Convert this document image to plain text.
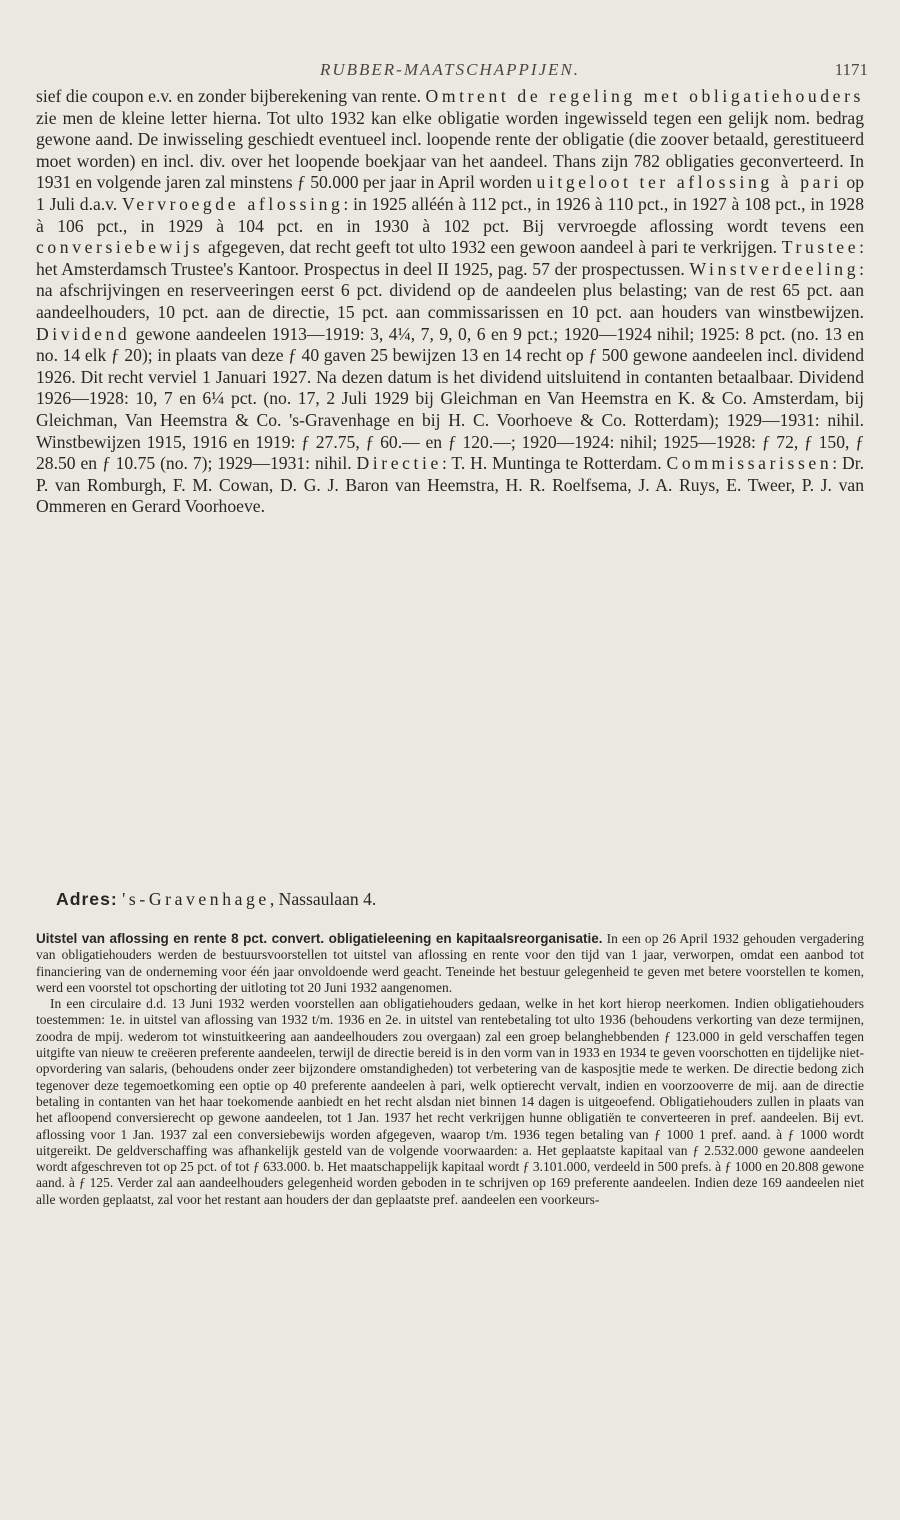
RUBBER-MAATSCHAPPIJEN.	1171

sief die coupon e.v. en zonder bijberekening van rente. Omtrent de regeling met obligatiehouders zie men de kleine letter hierna. Tot ulto 1932 kan elke obligatie worden ingewisseld tegen een gelijk nom. bedrag gewone aand. De inwisseling geschiedt eventueel incl. loopende rente der obligatie (die zoover betaald, gerestitueerd moet worden) en incl. div. over het loopende boekjaar van het aandeel. Thans zijn 782 obligaties geconverteerd. In 1931 en volgende jaren zal minstens ƒ 50.000 per jaar in April worden uitgeloot ter aflossing à pari op 1 Juli d.a.v. Vervroegde aflossing: in 1925 alléén à 112 pct., in 1926 à 110 pct., in 1927 à 108 pct., in 1928 à 106 pct., in 1929 à 104 pct. en in 1930 à 102 pct. Bij vervroegde aflossing wordt tevens een conversiebewijs afgegeven, dat recht geeft tot ulto 1932 een gewoon aandeel à pari te verkrijgen. Trustee: het Amsterdamsch Trustee's Kantoor. Prospectus in deel II 1925, pag. 57 der prospectussen. Winstverdeeling: na afschrijvingen en reserveeringen eerst 6 pct. dividend op de aandeelen plus belasting; van de rest 65 pct. aan aandeelhouders, 10 pct. aan de directie, 15 pct. aan commissarissen en 10 pct. aan houders van winstbewijzen. Dividend gewone aandeelen 1913—1919: 3, 4¼, 7, 9, 0, 6 en 9 pct.; 1920—1924 nihil; 1925: 8 pct. (no. 13 en no. 14 elk ƒ 20); in plaats van deze ƒ 40 gaven 25 bewijzen 13 en 14 recht op ƒ 500 gewone aandeelen incl. dividend 1926. Dit recht verviel 1 Januari 1927. Na dezen datum is het dividend uitsluitend in contanten betaalbaar. Dividend 1926—1928: 10, 7 en 6¼ pct. (no. 17, 2 Juli 1929 bij Gleichman en Van Heemstra en K. & Co. Amsterdam, bij Gleichman, Van Heemstra & Co. 's-Gravenhage en bij H. C. Voorhoeve & Co. Rotterdam); 1929—1931: nihil. Winstbewijzen 1915, 1916 en 1919: ƒ 27.75, ƒ 60.— en ƒ 120.—; 1920—1924: nihil; 1925—1928: ƒ 72, ƒ 150, ƒ 28.50 en ƒ 10.75 (no. 7); 1929—1931: nihil. Directie: T. H. Muntinga te Rotterdam. Commissarissen: Dr. P. van Romburgh, F. M. Cowan, D. G. J. Baron van Heemstra, H. R. Roelfsema, J. A. Ruys, E. Tweer, P. J. van Ommeren en Gerard Voorhoeve.

Adres: 's-Gravenhage, Nassaulaan 4.

Uitstel van aflossing en rente 8 pct. convert. obligatieleening en kapitaalsreorganisatie. In een op 26 April 1932 gehouden vergadering van obligatiehouders werden de bestuursvoorstellen tot uitstel van aflossing en rente voor den tijd van 1 jaar, verworpen, omdat een aanbod tot financiering van de onderneming voor één jaar onvoldoende werd geacht. Teneinde het bestuur gelegenheid te geven met betere voorstellen te komen, werd een voorstel tot opschorting der uitloting tot 20 Juni 1932 aangenomen.

In een circulaire d.d. 13 Juni 1932 werden voorstellen aan obligatiehouders gedaan, welke in het kort hierop neerkomen. Indien obligatiehouders toestemmen: 1e. in uitstel van aflossing van 1932 t/m. 1936 en 2e. in uitstel van rentebetaling tot ulto 1936 (behoudens verkorting van deze termijnen, zoodra de mpij. wederom tot winstuitkeering aan aandeelhouders zou overgaan) zal een groep belanghebbenden ƒ 123.000 in geld verschaffen tegen uitgifte van nieuw te creëeren preferente aandeelen, terwijl de directie bereid is in den vorm van in 1933 en 1934 te geven voorschotten en tijdelijke niet-opvordering van salaris, (behoudens onder zeer bijzondere omstandigheden) tot verbetering van de kasposjtie mede te werken. De directie bedong zich tegenover deze tegemoetkoming een optie op 40 preferente aandeelen à pari, welk optierecht vervalt, indien en voorzooverre de mij. aan de directie betaling in contanten van het haar toekomende aanbiedt en het recht alsdan niet binnen 14 dagen is uitgeoefend. Obligatiehouders zullen in plaats van het afloopend conversierecht op gewone aandeelen, tot 1 Jan. 1937 het recht verkrijgen hunne obligatiën te converteeren in pref. aandeelen. Bij evt. aflossing voor 1 Jan. 1937 zal een conversiebewijs worden afgegeven, waarop t/m. 1936 tegen betaling van ƒ 1000 1 pref. aand. à ƒ 1000 wordt uitgereikt. De geldverschaffing was afhankelijk gesteld van de volgende voorwaarden: a. Het geplaatste kapitaal van ƒ 2.532.000 gewone aandeelen wordt afgeschreven tot op 25 pct. of tot ƒ 633.000. b. Het maatschappelijk kapitaal wordt ƒ 3.101.000, verdeeld in 500 prefs. à ƒ 1000 en 20.808 gewone aand. à ƒ 125. Verder zal aan aandeelhouders gelegenheid worden geboden in te schrijven op 169 preferente aandeelen. Indien deze 169 aandeelen niet alle worden geplaatst, zal voor het restant aan houders der dan geplaatste pref. aandeelen een voorkeurs-
